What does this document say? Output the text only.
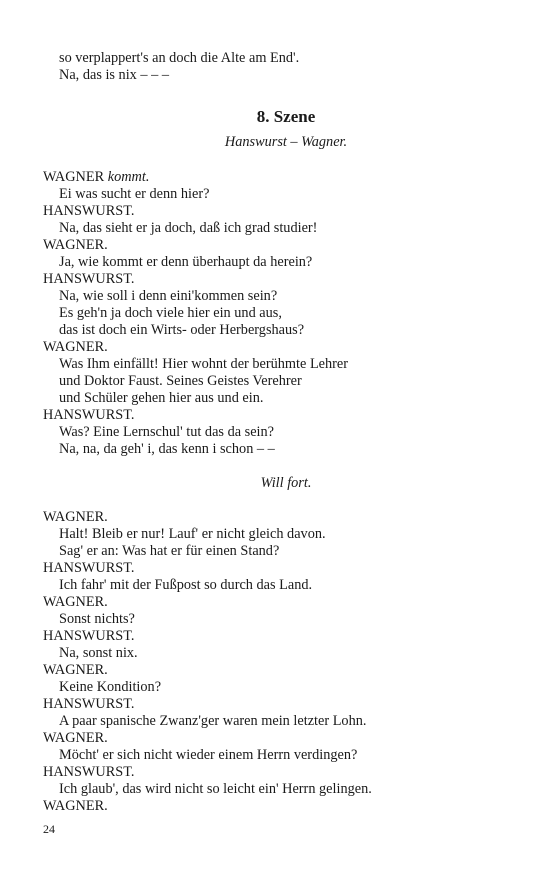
so verplappert's an doch die Alte am End'.
Na, das is nix – – –
8. Szene
Hanswurst – Wagner.
WAGNER kommt.
Ei was sucht er denn hier?
HANSWURST.
Na, das sieht er ja doch, daß ich grad studier!
WAGNER.
Ja, wie kommt er denn überhaupt da herein?
HANSWURST.
Na, wie soll i denn eini'kommen sein?
Es geh'n ja doch viele hier ein und aus,
das ist doch ein Wirts- oder Herbergshaus?
WAGNER.
Was Ihm einfällt! Hier wohnt der berühmte Lehrer
und Doktor Faust. Seines Geistes Verehrer
und Schüler gehen hier aus und ein.
HANSWURST.
Was? Eine Lernschul' tut das da sein?
Na, na, da geh' i, das kenn i schon – –
Will fort.
WAGNER.
Halt! Bleib er nur! Lauf' er nicht gleich davon.
Sag' er an: Was hat er für einen Stand?
HANSWURST.
Ich fahr' mit der Fußpost so durch das Land.
WAGNER.
Sonst nichts?
HANSWURST.
Na, sonst nix.
WAGNER.
Keine Kondition?
HANSWURST.
A paar spanische Zwanz'ger waren mein letzter Lohn.
WAGNER.
Möcht' er sich nicht wieder einem Herrn verdingen?
HANSWURST.
Ich glaub', das wird nicht so leicht ein' Herrn gelingen.
WAGNER.
24
